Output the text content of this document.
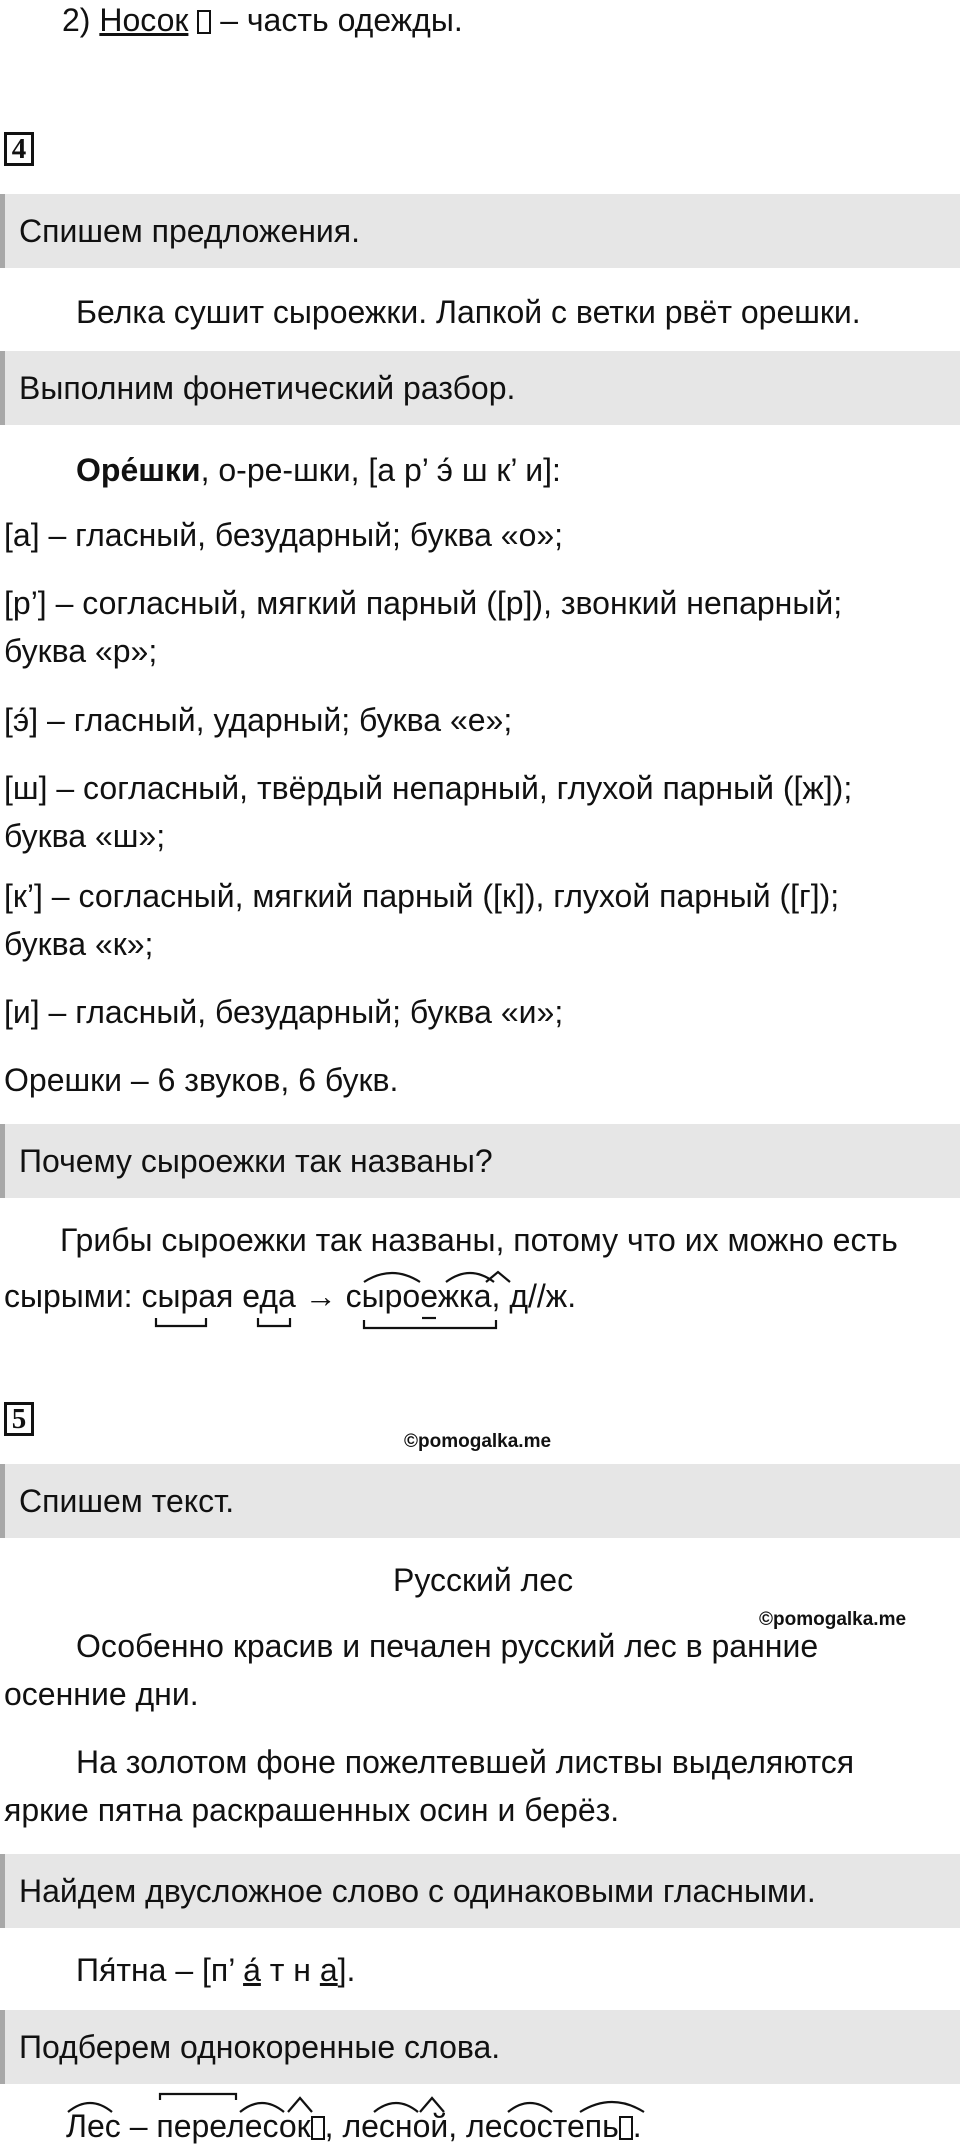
2) Носок  – часть одежды.
4
Спишем предложения.
Белка сушит сыроежки. Лапкой с ветки рвёт орешки.
Выполним фонетический разбор.
Оре́шки, о-ре-шки, [а р’ э́ ш к’ и]:
[а] – гласный, безударный; буква «о»;
[р’] – согласный, мягкий парный ([р]), звонкий непарный;
буква «р»;
[э́] – гласный, ударный; буква «е»;
[ш] – согласный, твёрдый непарный, глухой парный ([ж]);
буква «ш»;
[к’] – согласный, мягкий парный ([к]), глухой парный ([г]);
буква «к»;
[и] – гласный, безударный; буква «и»;
Орешки – 6 звуков, 6 букв.
Почему сыроежки так названы?
Грибы сыроежки так названы, потому что их можно есть
сырыми: сырая еда → сыроежка, д//ж.
5
©pomogalka.me
Спишем текст.
Русский лес
©pomogalka.me
Особенно красив и печален русский лес в ранние
осенние дни.
На золотом фоне пожелтевшей листвы выделяются
яркие пятна раскрашенных осин и берёз.
Найдем двусложное слово с одинаковыми гласными.
Пя́тна – [п’ а́ т н а].
Подберем однокоренные слова.
Лес – перелесок , лесной, лесостепь .
